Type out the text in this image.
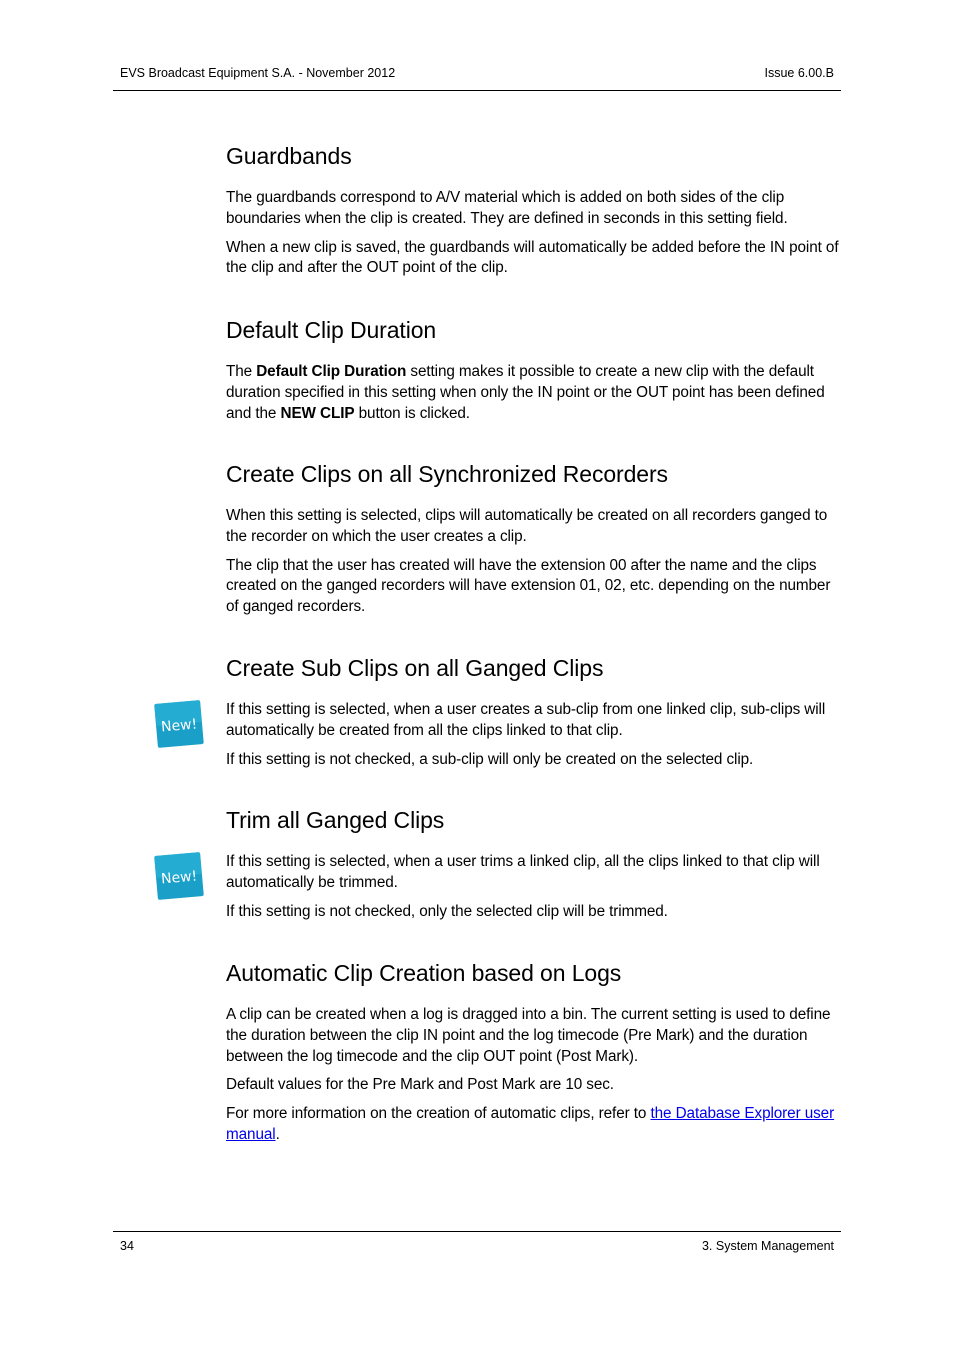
EVS Broadcast Equipment S.A. - November 2012	Issue 6.00.B
Guardbands

The guardbands correspond to A/V material which is added on both sides of the clip boundaries when the clip is created. They are defined in seconds in this setting field.

When a new clip is saved, the guardbands will automatically be added before the IN point of the clip and after the OUT point of the clip.

Default Clip Duration

The Default Clip Duration setting makes it possible to create a new clip with the default duration specified in this setting when only the IN point or the OUT point has been defined and the NEW CLIP button is clicked.

Create Clips on all Synchronized Recorders

When this setting is selected, clips will automatically be created on all recorders ganged to the recorder on which the user creates a clip.

The clip that the user has created will have the extension 00 after the name and the clips created on the ganged recorders will have extension 01, 02, etc. depending on the number of ganged recorders.

Create Sub Clips on all Ganged Clips

If this setting is selected, when a user creates a sub-clip from one linked clip, sub-clips will automatically be created from all the clips linked to that clip.

If this setting is not checked, a sub-clip will only be created on the selected clip.

Trim all Ganged Clips

If this setting is selected, when a user trims a linked clip, all the clips linked to that clip will automatically be trimmed.

If this setting is not checked, only the selected clip will be trimmed.

Automatic Clip Creation based on Logs

A clip can be created when a log is dragged into a bin. The current setting is used to define the duration between the clip IN point and the log timecode (Pre Mark) and the duration between the log timecode and the clip OUT point (Post Mark).

Default values for the Pre Mark and Post Mark are 10 sec.

For more information on the creation of automatic clips, refer to the Database Explorer user manual.

New!
New!
34	3. System Management
